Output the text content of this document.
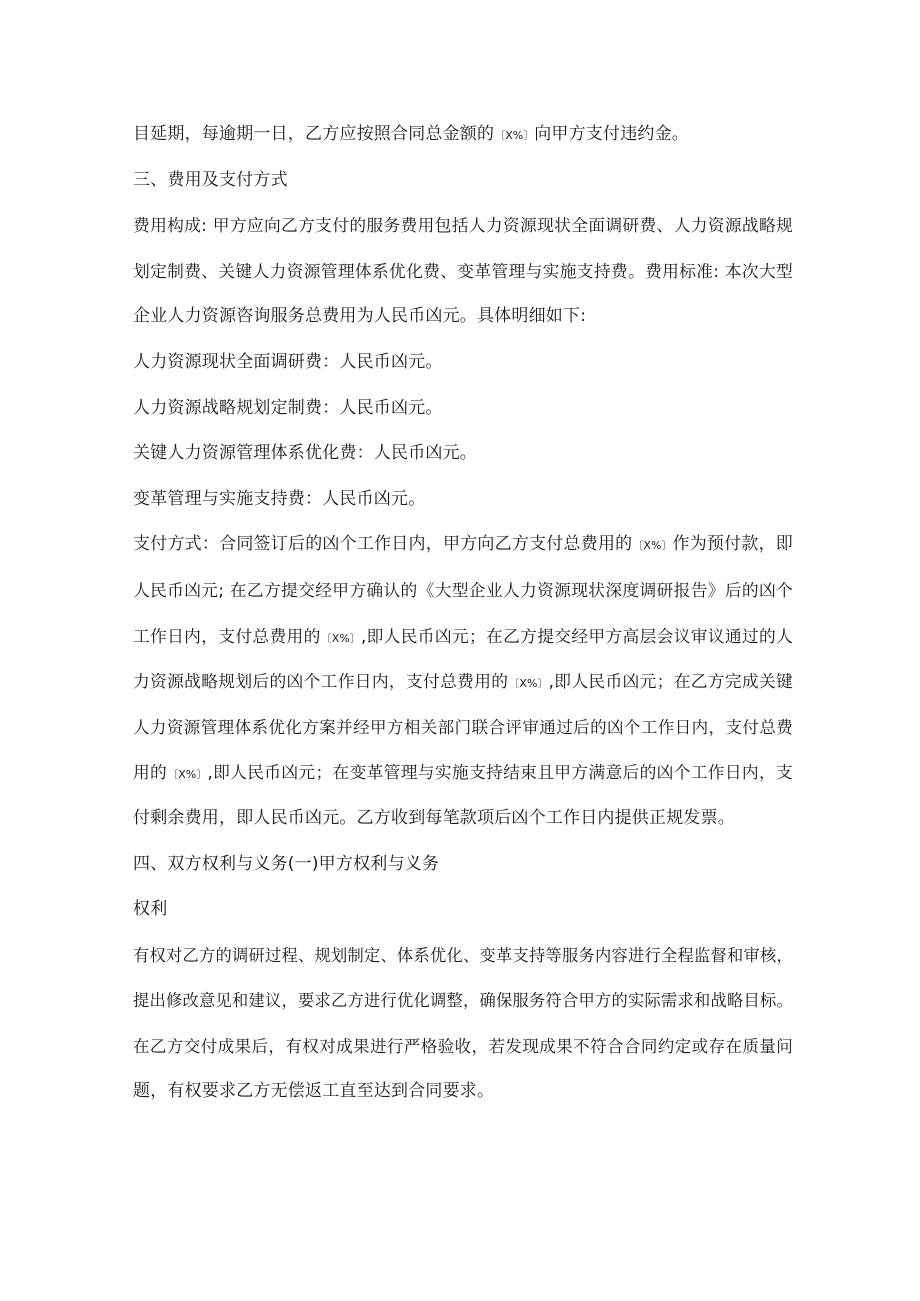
目延期，每逾期一日，乙方应按照合同总金额的〔X%〕向甲方支付违约金。
三、费用及支付方式
费用构成: 甲方应向乙方支付的服务费用包括人力资源现状全面调研费、人力资源战略规
划定制费、关键人力资源管理体系优化费、变革管理与实施支持费。费用标准: 本次大型
企业人力资源咨询服务总费用为人民币凶元。具体明细如下:
人力资源现状全面调研费：人民币凶元。
人力资源战略规划定制费：人民币凶元。
关键人力资源管理体系优化费：人民币凶元。
变革管理与实施支持费：人民币凶元。
支付方式：合同签订后的凶个工作日内，甲方向乙方支付总费用的〔X%〕作为预付款，即
人民币凶元; 在乙方提交经甲方确认的《大型企业人力资源现状深度调研报告》后的凶个
工作日内，支付总费用的〔X%〕,即人民币凶元；在乙方提交经甲方高层会议审议通过的人
力资源战略规划后的凶个工作日内，支付总费用的〔X%〕,即人民币凶元；在乙方完成关键
人力资源管理体系优化方案并经甲方相关部门联合评审通过后的凶个工作日内，支付总费
用的〔X%〕,即人民币凶元；在变革管理与实施支持结束且甲方满意后的凶个工作日内，支
付剩余费用，即人民币凶元。乙方收到每笔款项后凶个工作日内提供正规发票。
四、双方权利与义务(一)甲方权利与义务
权利
有权对乙方的调研过程、规划制定、体系优化、变革支持等服务内容进行全程监督和审核，
提出修改意见和建议，要求乙方进行优化调整，确保服务符合甲方的实际需求和战略目标。
在乙方交付成果后，有权对成果进行严格验收，若发现成果不符合合同约定或存在质量问
题，有权要求乙方无偿返工直至达到合同要求。
